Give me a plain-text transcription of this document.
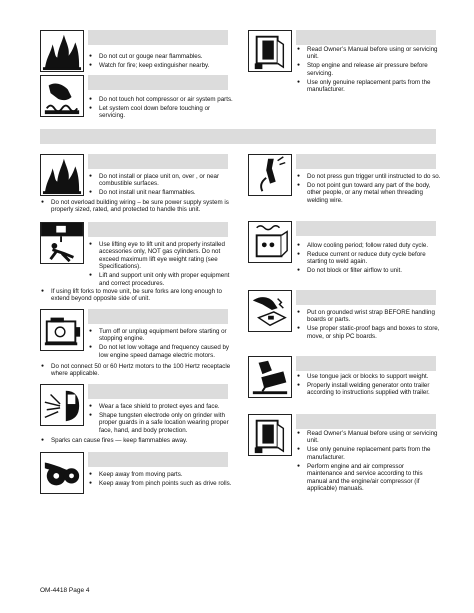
● Do not cut or gouge near flammables.
● Watch for fire; keep extinguisher nearby.
● Do not touch hot compressor or air system parts.
● Let system cool down before touching or servicing.
● Do not install or place unit on, over , or near combustible surfaces.
● Do not install unit near flammables.
● Do not overload building wiring – be sure power supply system is properly sized, rated, and protected to handle this unit.
● Use lifting eye to lift unit and properly installed accessories only, NOT gas cylinders. Do not exceed maximum lift eye weight rating (see Specifications).
● Lift and support unit only with proper equipment and correct procedures.
● If using lift forks to move unit, be sure forks are long enough to extend beyond opposite side of unit.
● Turn off or unplug equipment before starting or stopping engine.
● Do not let low voltage and frequency caused by low engine speed damage electric motors.
● Do not connect 50 or 60 Hertz motors to the 100 Hertz receptacle where applicable.
● Wear a face shield to protect eyes and face.
● Shape tungsten electrode only on grinder with proper guards in a safe location wearing proper face, hand, and body protection.
● Sparks can cause fires — keep flammables away.
● Keep away from moving parts.
● Keep away from pinch points such as drive rolls.
● Read Owner’s Manual before using or servicing unit.
● Stop engine and release air pressure before servicing.
● Use only genuine replacement parts from the manufacturer.
● Do not press gun trigger until instructed to do so.
● Do not point gun toward any part of the body, other people, or any metal when threading welding wire.
● Allow cooling period; follow rated duty cycle.
● Reduce current or reduce duty cycle before starting to weld again.
● Do not block or filter airflow to unit.
● Put on grounded wrist strap BEFORE handling boards or parts.
● Use proper static-proof bags and boxes to store, move, or ship PC boards.
● Use tongue jack or blocks to support weight.
● Properly install welding generator onto trailer according to instructions supplied with trailer.
● Read Owner’s Manual before using or servicing unit.
● Use only genuine replacement parts from the manufacturer.
● Perform engine and air compressor maintenance and service according to this manual and the engine/air compressor (if applicable) manuals.
OM-4418 Page 4
